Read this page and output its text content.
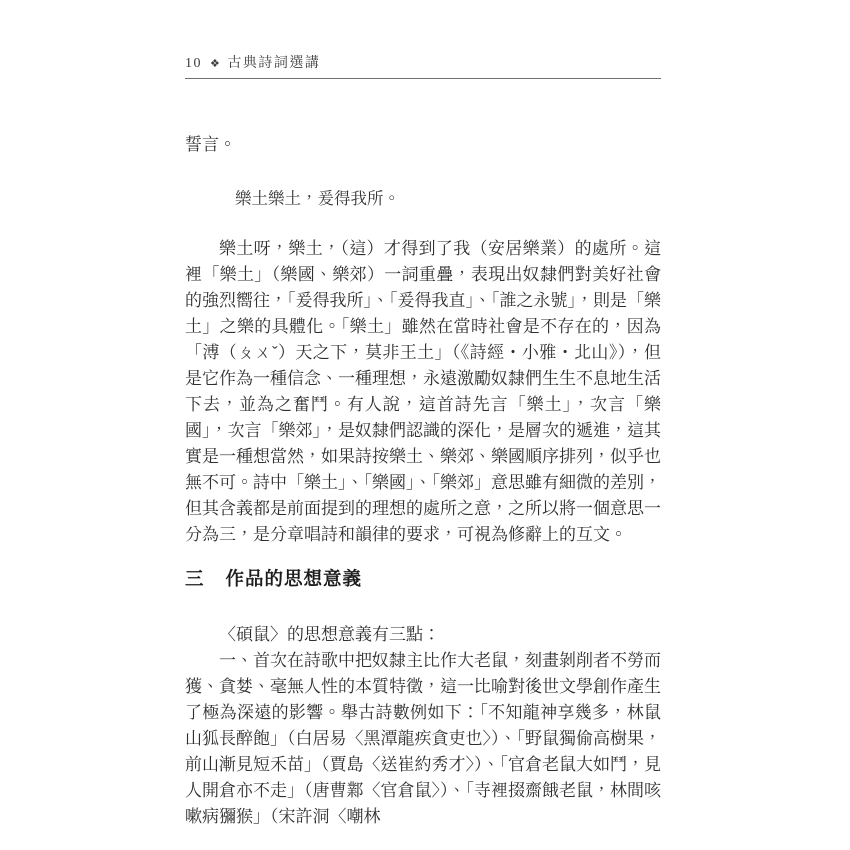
10 ❖ 古典詩詞選講

誓言。

樂土樂土，爰得我所。

樂土呀，樂土，（這）才得到了我（安居樂業）的處所。這裡「樂土」（樂國、樂郊）一詞重疊，表現出奴隸們對美好社會的強烈嚮往，「爰得我所」、「爰得我直」、「誰之永號」，則是「樂土」之樂的具體化。「樂土」雖然在當時社會是不存在的，因為「溥（ㄆㄨˇ）天之下，莫非王土」（《詩經・小雅・北山》），但是它作為一種信念、一種理想，永遠激勵奴隸們生生不息地生活下去，並為之奮鬥。有人說，這首詩先言「樂土」，次言「樂國」，次言「樂郊」，是奴隸們認識的深化，是層次的遞進，這其實是一種想當然，如果詩按樂土、樂郊、樂國順序排列，似乎也無不可。詩中「樂土」、「樂國」、「樂郊」意思雖有細微的差別，但其含義都是前面提到的理想的處所之意，之所以將一個意思一分為三，是分章唱詩和韻律的要求，可視為修辭上的互文。

三 作品的思想意義

〈碩鼠〉的思想意義有三點：

一、首次在詩歌中把奴隸主比作大老鼠，刻畫剝削者不勞而獲、貪婪、毫無人性的本質特徵，這一比喻對後世文學創作產生了極為深遠的影響。舉古詩數例如下：「不知龍神享幾多，林鼠山狐長醉飽」（白居易〈黑潭龍疾貪吏也〉）、「野鼠獨偷高樹果，前山漸見短禾苗」（賈島〈送崔約秀才〉）、「官倉老鼠大如鬥，見人開倉亦不走」（唐曹鄴〈官倉鼠〉）、「寺裡掇齋餓老鼠，林間咳嗽病獼猴」（宋許洞〈嘲林
